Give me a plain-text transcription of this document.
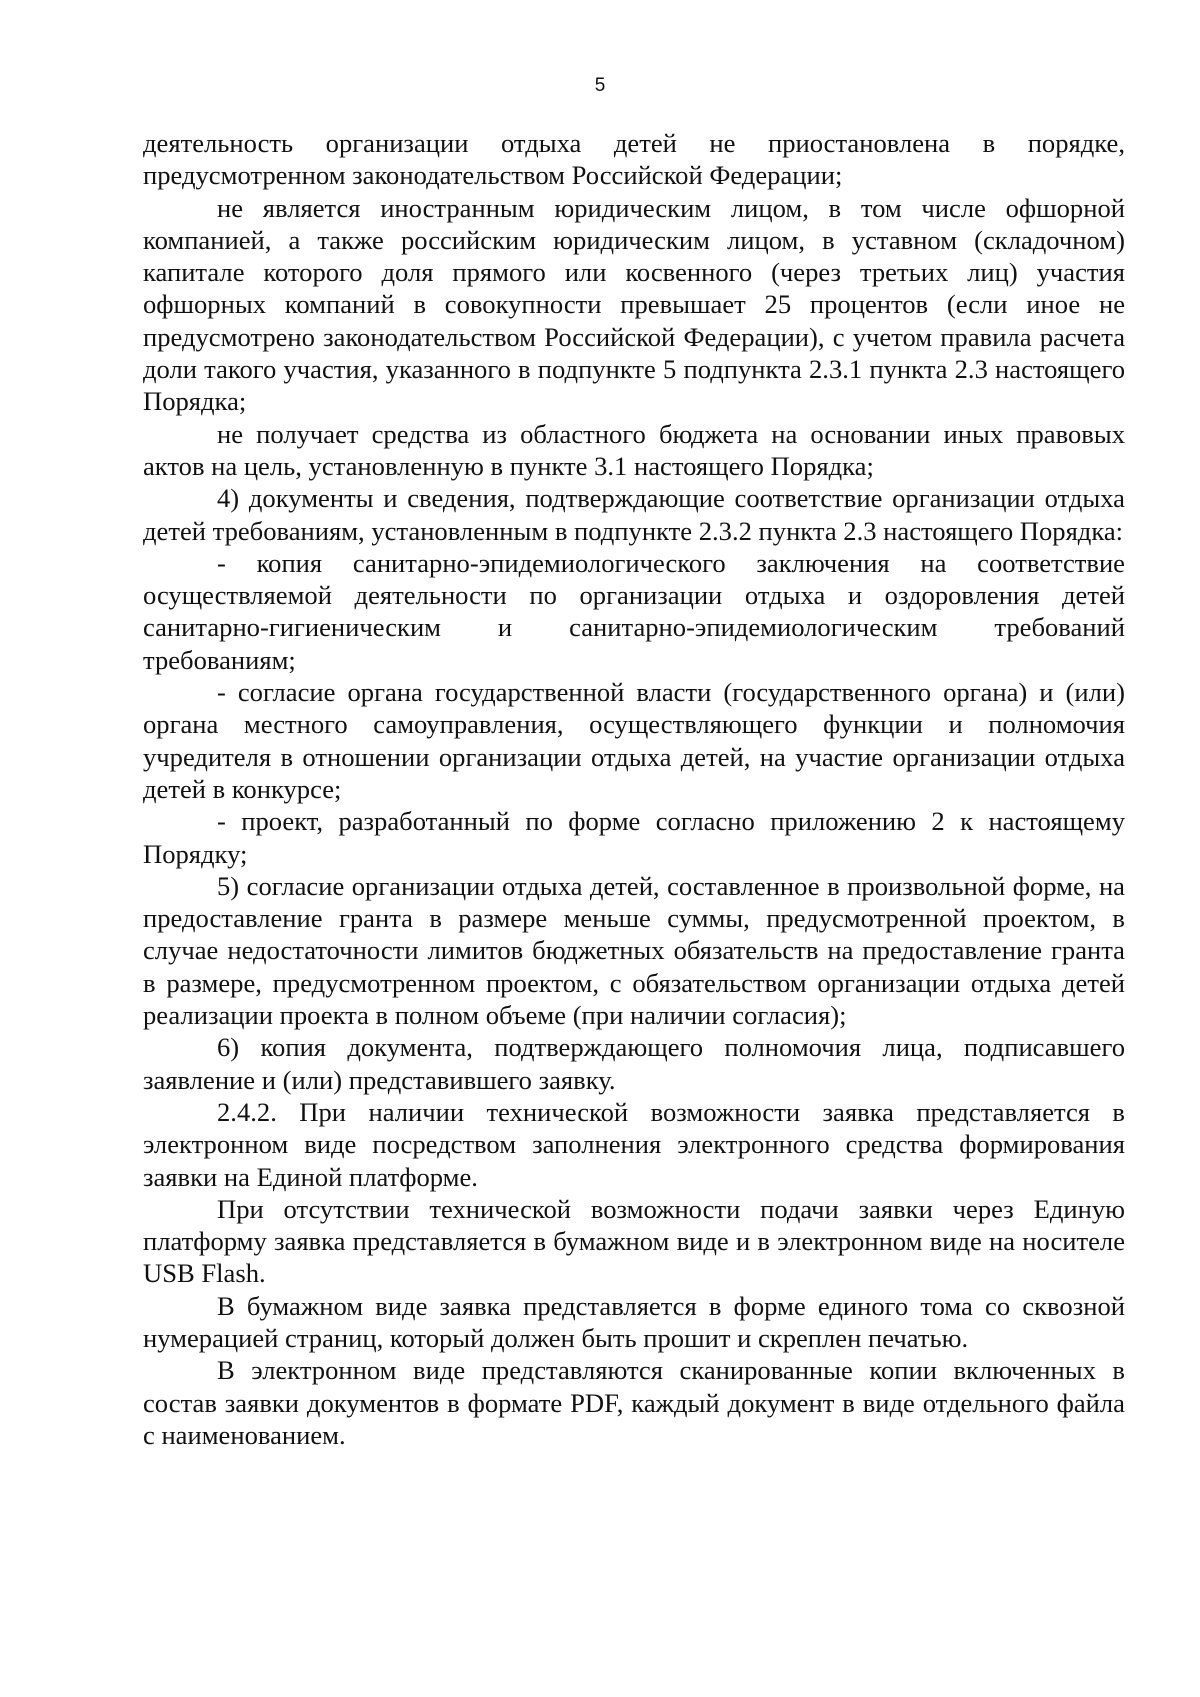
5

деятельность организации отдыха детей не приостановлена в порядке, предусмотренном законодательством Российской Федерации;

не является иностранным юридическим лицом, в том числе офшорной компанией, а также российским юридическим лицом, в уставном (складочном) капитале которого доля прямого или косвенного (через третьих лиц) участия офшорных компаний в совокупности превышает 25 процентов (если иное не предусмотрено законодательством Российской Федерации), с учетом правила расчета доли такого участия, указанного в подпункте 5 подпункта 2.3.1 пункта 2.3 настоящего Порядка;

не получает средства из областного бюджета на основании иных правовых актов на цель, установленную в пункте 3.1 настоящего Порядка;

4) документы и сведения, подтверждающие соответствие организации отдыха детей требованиям, установленным в подпункте 2.3.2 пункта 2.3 настоящего Порядка:

- копия санитарно-эпидемиологического заключения на соответствие осуществляемой деятельности по организации отдыха и оздоровления детей санитарно-гигиеническим и санитарно-эпидемиологическим требований требованиям;

- согласие органа государственной власти (государственного органа) и (или) органа местного самоуправления, осуществляющего функции и полномочия учредителя в отношении организации отдыха детей, на участие организации отдыха детей в конкурсе;

- проект, разработанный по форме согласно приложению 2 к настоящему Порядку;

5) согласие организации отдыха детей, составленное в произвольной форме, на предоставление гранта в размере меньше суммы, предусмотренной проектом, в случае недостаточности лимитов бюджетных обязательств на предоставление гранта в размере, предусмотренном проектом, с обязательством организации отдыха детей реализации проекта в полном объеме (при наличии согласия);

6) копия документа, подтверждающего полномочия лица, подписавшего заявление и (или) представившего заявку.

2.4.2. При наличии технической возможности заявка представляется в электронном виде посредством заполнения электронного средства формирования заявки на Единой платформе.

При отсутствии технической возможности подачи заявки через Единую платформу заявка представляется в бумажном виде и в электронном виде на носителе USB Flash.

В бумажном виде заявка представляется в форме единого тома со сквозной нумерацией страниц, который должен быть прошит и скреплен печатью.

В электронном виде представляются сканированные копии включенных в состав заявки документов в формате PDF, каждый документ в виде отдельного файла с наименованием.
